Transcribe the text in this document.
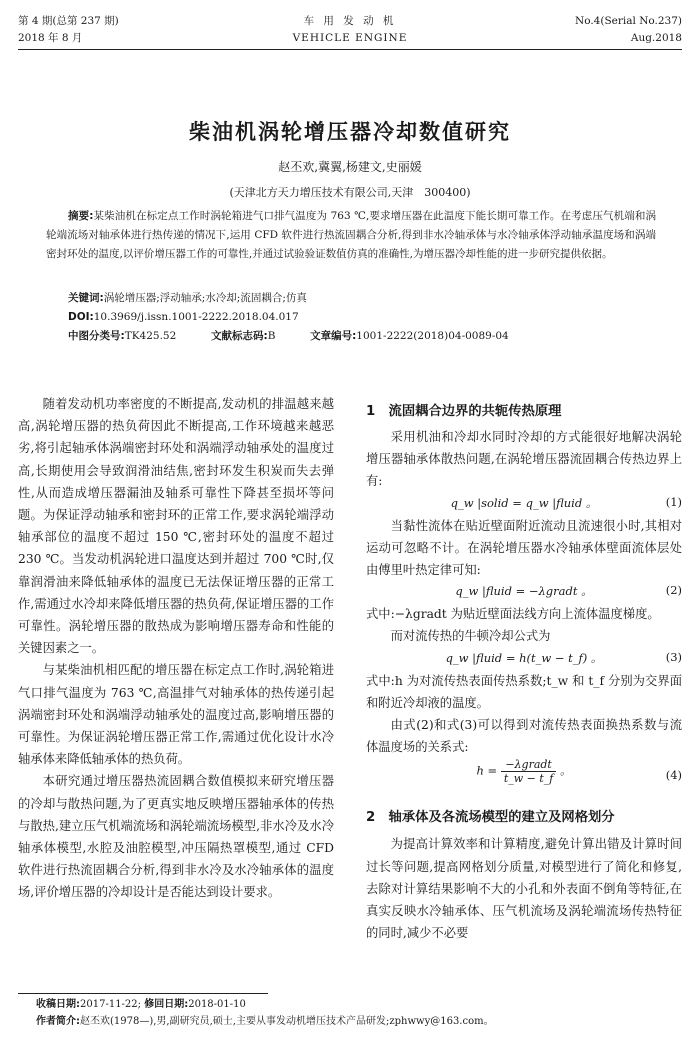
第 4 期(总第 237 期)
2018 年 8 月
车 用 发 动 机
VEHICLE ENGINE
No.4(Serial No.237)
Aug.2018
柴油机涡轮增压器冷却数值研究
赵丕欢,冀翼,杨建文,史丽媛
(天津北方天力增压技术有限公司,天津　300400)
摘要:某柴油机在标定点工作时涡轮箱进气口排气温度为 763 ℃,要求增压器在此温度下能长期可靠工作。在考虑压气机端和涡轮端流场对轴承体进行热传递的情况下,运用 CFD 软件进行热流固耦合分析,得到非水冷轴承体与水冷轴承体浮动轴承温度场和涡端密封环处的温度,以评价增压器工作的可靠性,并通过试验验证数值仿真的准确性,为增压器冷却性能的进一步研究提供依据。
关键词:涡轮增压器;浮动轴承;水冷却;流固耦合;仿真
DOI:10.3969/j.issn.1001-2222.2018.04.017
中图分类号:TK425.52	文献标志码:B	文章编号:1001-2222(2018)04-0089-04

随着发动机功率密度的不断提高,发动机的排温越来越高,涡轮增压器的热负荷因此不断提高,工作环境越来越恶劣,将引起轴承体涡端密封环处和涡端浮动轴承处的温度过高,长期使用会导致润滑油结焦,密封环发生积炭而失去弹性,从而造成增压器漏油及轴系可靠性下降甚至损坏等问题。为保证浮动轴承和密封环的正常工作,要求涡轮端浮动轴承部位的温度不超过 150 ℃,密封环处的温度不超过 230 ℃。当发动机涡轮进口温度达到并超过 700 ℃时,仅靠润滑油来降低轴承体的温度已无法保证增压器的正常工作,需通过水冷却来降低增压器的热负荷,保证增压器的工作可靠性。涡轮增压器的散热成为影响增压器寿命和性能的关键因素之一。

与某柴油机相匹配的增压器在标定点工作时,涡轮箱进气口排气温度为 763 ℃,高温排气对轴承体的热传递引起涡端密封环处和涡端浮动轴承处的温度过高,影响增压器的可靠性。为保证涡轮增压器正常工作,需通过优化设计水冷轴承体来降低轴承体的热负荷。

本研究通过增压器热流固耦合数值模拟来研究增压器的冷却与散热问题,为了更真实地反映增压器轴承体的传热与散热,建立压气机端流场和涡轮端流场模型,非水冷及水冷轴承体模型,水腔及油腔模型,冲压隔热罩模型,通过 CFD 软件进行热流固耦合分析,得到非水冷及水冷轴承体的温度场,评价增压器的冷却设计是否能达到设计要求。

1　流固耦合边界的共轭传热原理

采用机油和冷却水同时冷却的方式能很好地解决涡轮增压器轴承体散热问题,在涡轮增压器流固耦合传热边界上有:

q_w |solid = q_w |fluid 。	(1)

当黏性流体在贴近壁面附近流动且流速很小时,其相对运动可忽略不计。在涡轮增压器水冷轴承体壁面流体层处由傅里叶热定律可知:

q_w |fluid = −λgradt 。	(2)

式中:−λgradt 为贴近壁面法线方向上流体温度梯度。

而对流传热的牛顿冷却公式为

q_w |fluid = h(t_w − t_f) 。	(3)

式中:h 为对流传热表面传热系数;t_w 和 t_f 分别为交界面和附近冷却液的温度。

由式(2)和式(3)可以得到对流传热表面换热系数与流体温度场的关系式:

$h = \frac{\text{−λgradt}}{t\_w - t\_f}$ 。	(4)
2　轴承体及各流场模型的建立及网格划分

为提高计算效率和计算精度,避免计算出错及计算时间过长等问题,提高网格划分质量,对模型进行了简化和修复,去除对计算结果影响不大的小孔和外表面不倒角等特征,在真实反映水冷轴承体、压气机流场及涡轮端流场传热特征的同时,减少不必要

收稿日期:2017-11-22; 修回日期:2018-01-10
作者简介:赵丕欢(1978—),男,副研究员,硕士,主要从事发动机增压技术产品研发;zphwwy@163.com。
